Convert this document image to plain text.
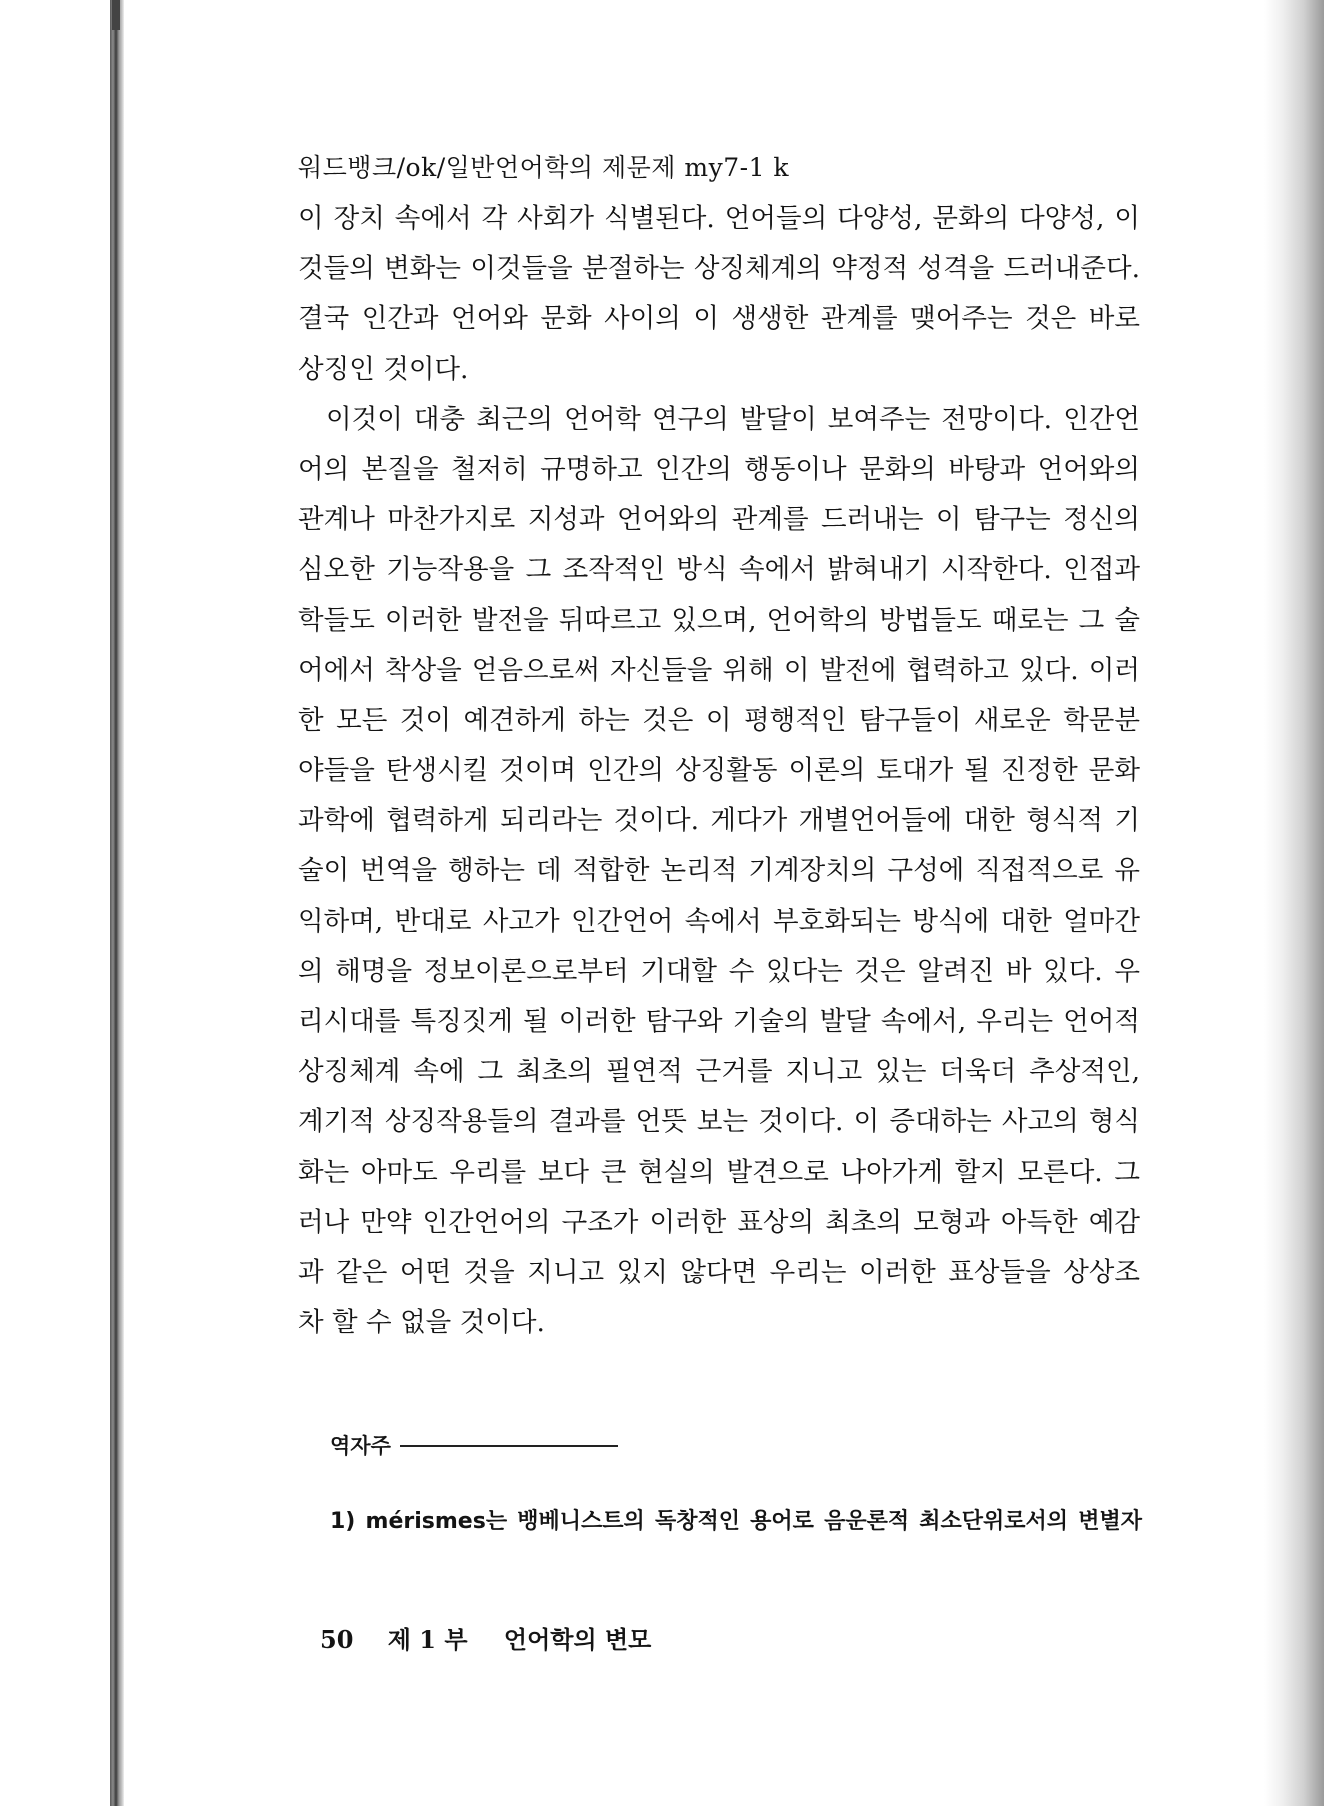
워드뱅크/ok/일반언어학의 제문제 my7-1 k
이 장치 속에서 각 사회가 식별된다. 언어들의 다양성, 문화의 다양성, 이
것들의 변화는 이것들을 분절하는 상징체계의 약정적 성격을 드러내준다.
결국 인간과 언어와 문화 사이의 이 생생한 관계를 맺어주는 것은 바로
상징인 것이다.
이것이 대충 최근의 언어학 연구의 발달이 보여주는 전망이다. 인간언
어의 본질을 철저히 규명하고 인간의 행동이나 문화의 바탕과 언어와의
관계나 마찬가지로 지성과 언어와의 관계를 드러내는 이 탐구는 정신의
심오한 기능작용을 그 조작적인 방식 속에서 밝혀내기 시작한다. 인접과
학들도 이러한 발전을 뒤따르고 있으며, 언어학의 방법들도 때로는 그 술
어에서 착상을 얻음으로써 자신들을 위해 이 발전에 협력하고 있다. 이러
한 모든 것이 예견하게 하는 것은 이 평행적인 탐구들이 새로운 학문분
야들을 탄생시킬 것이며 인간의 상징활동 이론의 토대가 될 진정한 문화
과학에 협력하게 되리라는 것이다. 게다가 개별언어들에 대한 형식적 기
술이 번역을 행하는 데 적합한 논리적 기계장치의 구성에 직접적으로 유
익하며, 반대로 사고가 인간언어 속에서 부호화되는 방식에 대한 얼마간
의 해명을 정보이론으로부터 기대할 수 있다는 것은 알려진 바 있다. 우
리시대를 특징짓게 될 이러한 탐구와 기술의 발달 속에서, 우리는 언어적
상징체계 속에 그 최초의 필연적 근거를 지니고 있는 더욱더 추상적인,
계기적 상징작용들의 결과를 언뜻 보는 것이다. 이 증대하는 사고의 형식
화는 아마도 우리를 보다 큰 현실의 발견으로 나아가게 할지 모른다. 그
러나 만약 인간언어의 구조가 이러한 표상의 최초의 모형과 아득한 예감
과 같은 어떤 것을 지니고 있지 않다면 우리는 이러한 표상들을 상상조
차 할 수 없을 것이다.
역자주
1) mérismes는 뱅베니스트의 독창적인 용어로 음운론적 최소단위로서의 변별자
50 제 1 부 언어학의 변모
